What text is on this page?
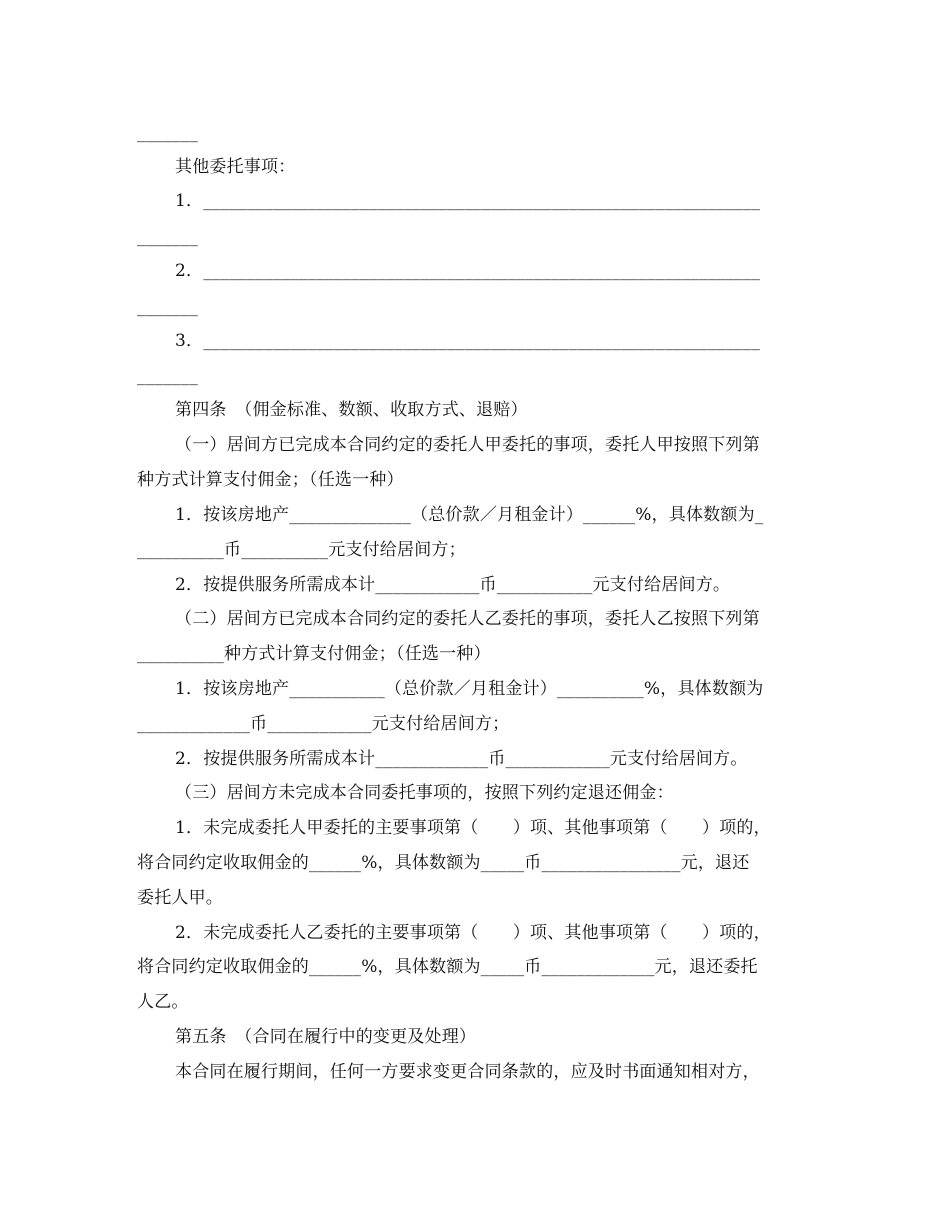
_______
其他委托事项：
1．________________________________________________________________
_______
2．________________________________________________________________
_______
3．________________________________________________________________
_______
第四条　（佣金标准、数额、收取方式、退赔）
（一）居间方已完成本合同约定的委托人甲委托的事项，委托人甲按照下列第
种方式计算支付佣金；（任选一种）
1．按该房地产______________（总价款／月租金计）______%，具体数额为_
__________币__________元支付给居间方；
2．按提供服务所需成本计____________币___________元支付给居间方。
（二）居间方已完成本合同约定的委托人乙委托的事项，委托人乙按照下列第
__________种方式计算支付佣金；（任选一种）
1．按该房地产___________（总价款／月租金计）__________%，具体数额为
_____________币____________元支付给居间方；
2．按提供服务所需成本计_____________币____________元支付给居间方。
（三）居间方未完成本合同委托事项的，按照下列约定退还佣金：
1．未完成委托人甲委托的主要事项第（　　）项、其他事项第（　　）项的，
将合同约定收取佣金的______%，具体数额为_____币________________元，退还
委托人甲。
2．未完成委托人乙委托的主要事项第（　　）项、其他事项第（　　）项的，
将合同约定收取佣金的______%，具体数额为_____币_____________元，退还委托
人乙。
第五条　（合同在履行中的变更及处理）
本合同在履行期间，任何一方要求变更合同条款的，应及时书面通知相对方，
